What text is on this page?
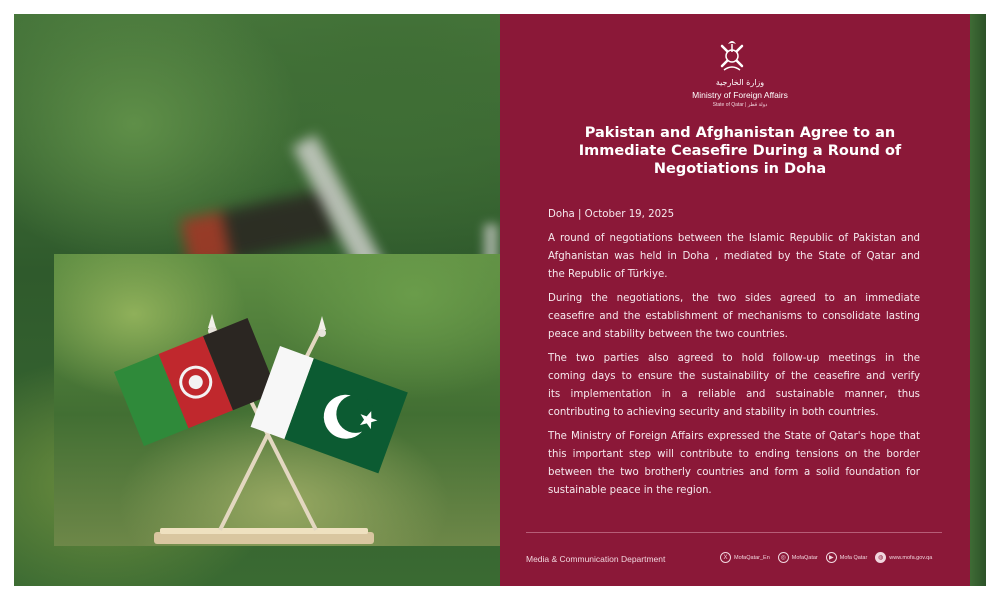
وزارة الخارجية
Ministry of Foreign Affairs
State of Qatar | دولة قطر
Pakistan and Afghanistan Agree to an
Immediate Ceasefire During a Round of
Negotiations in Doha

Doha | October 19, 2025

A round of negotiations between the Islamic Republic of Pakistan and
Afghanistan was held in Doha , mediated by the State of Qatar and
the Republic of Türkiye.

During the negotiations, the two sides agreed to an immediate
ceasefire and the establishment of mechanisms to consolidate lasting
peace and stability between the two countries.

The two parties also agreed to hold follow-up meetings in the
coming days to ensure the sustainability of the ceasefire and verify
its implementation in a reliable and sustainable manner, thus
contributing to achieving security and stability in both countries.

The Ministry of Foreign Affairs expressed the State of Qatar's hope that
this important step will contribute to ending tensions on the border
between the two brotherly countries and form a solid foundation for
sustainable peace in the region.

Media & Communication Department	X	MofaQatar_En	◎	MofaQatar	▶	Mofa Qatar	◍	www.mofa.gov.qa
